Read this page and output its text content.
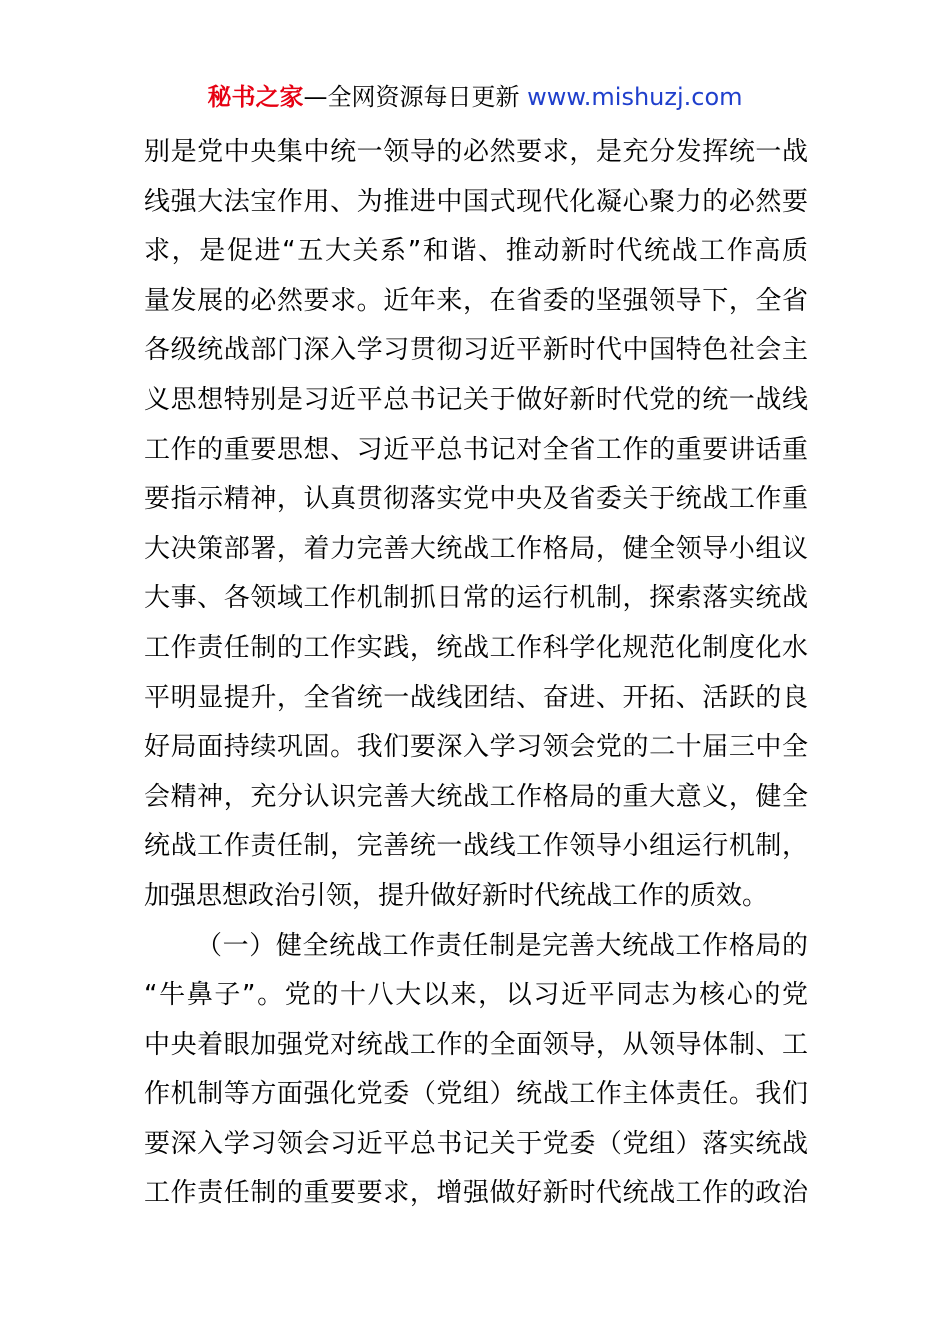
秘书之家—全网资源每日更新 www.mishuzj.com
别是党中央集中统一领导的必然要求，是充分发挥统一战
线强大法宝作用、为推进中国式现代化凝心聚力的必然要
求，是促进“五大关系”和谐、推动新时代统战工作高质
量发展的必然要求。近年来，在省委的坚强领导下，全省
各级统战部门深入学习贯彻习近平新时代中国特色社会主
义思想特别是习近平总书记关于做好新时代党的统一战线
工作的重要思想、习近平总书记对全省工作的重要讲话重
要指示精神，认真贯彻落实党中央及省委关于统战工作重
大决策部署，着力完善大统战工作格局，健全领导小组议
大事、各领域工作机制抓日常的运行机制，探索落实统战
工作责任制的工作实践，统战工作科学化规范化制度化水
平明显提升，全省统一战线团结、奋进、开拓、活跃的良
好局面持续巩固。我们要深入学习领会党的二十届三中全
会精神，充分认识完善大统战工作格局的重大意义，健全
统战工作责任制，完善统一战线工作领导小组运行机制，
加强思想政治引领，提升做好新时代统战工作的质效。
（一）健全统战工作责任制是完善大统战工作格局的
“牛鼻子”。党的十八大以来，以习近平同志为核心的党
中央着眼加强党对统战工作的全面领导，从领导体制、工
作机制等方面强化党委（党组）统战工作主体责任。我们
要深入学习领会习近平总书记关于党委（党组）落实统战
工作责任制的重要要求，增强做好新时代统战工作的政治
